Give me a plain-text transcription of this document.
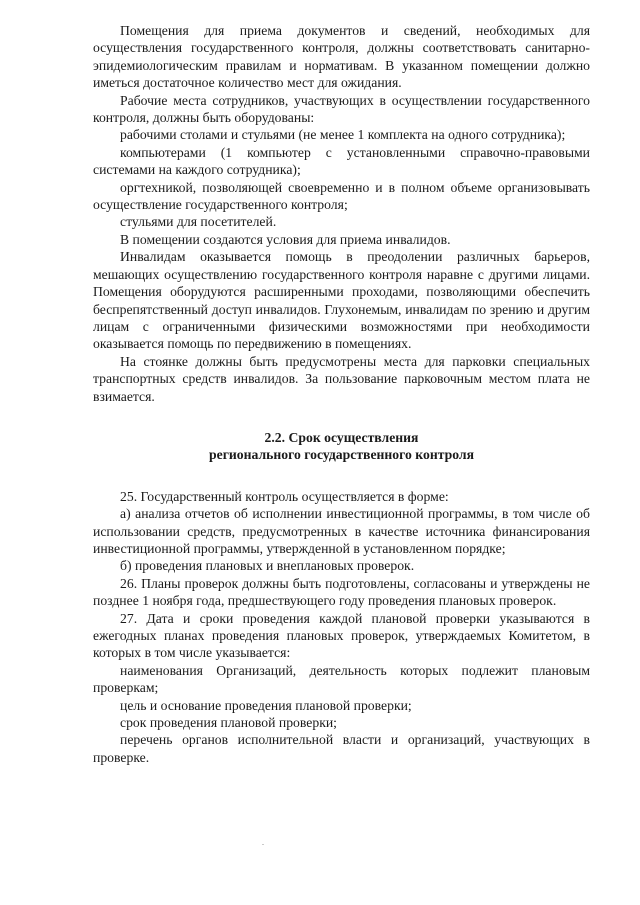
Помещения для приема документов и сведений, необходимых для осуществления государственного контроля, должны соответствовать санитарно-эпидемиологическим правилам и нормативам. В указанном помещении должно иметься достаточное количество мест для ожидания.

Рабочие места сотрудников, участвующих в осуществлении государственного контроля, должны быть оборудованы:

рабочими столами и стульями (не менее 1 комплекта на одного сотрудника);

компьютерами (1 компьютер с установленными справочно-правовыми системами на каждого сотрудника);

оргтехникой, позволяющей своевременно и в полном объеме организовывать осуществление государственного контроля;

стульями для посетителей.

В помещении создаются условия для приема инвалидов.

Инвалидам оказывается помощь в преодолении различных барьеров, мешающих осуществлению государственного контроля наравне с другими лицами. Помещения оборудуются расширенными проходами, позволяющими обеспечить беспрепятственный доступ инвалидов. Глухонемым, инвалидам по зрению и другим лицам с ограниченными физическими возможностями при необходимости оказывается помощь по передвижению в помещениях.

На стоянке должны быть предусмотрены места для парковки специальных транспортных средств инвалидов. За пользование парковочным местом плата не взимается.

2.2. Срок осуществления
регионального государственного контроля

25. Государственный контроль осуществляется в форме:

а) анализа отчетов об исполнении инвестиционной программы, в том числе об использовании средств, предусмотренных в качестве источника финансирования инвестиционной программы, утвержденной в установленном порядке;

б) проведения плановых и внеплановых проверок.

26. Планы проверок должны быть подготовлены, согласованы и утверждены не позднее 1 ноября года, предшествующего году проведения плановых проверок.

27. Дата и сроки проведения каждой плановой проверки указываются в ежегодных планах проведения плановых проверок, утверждаемых Комитетом, в которых в том числе указывается:

наименования Организаций, деятельность которых подлежит плановым проверкам;

цель и основание проведения плановой проверки;

срок проведения плановой проверки;

перечень органов исполнительной власти и организаций, участвующих в проверке.

.
